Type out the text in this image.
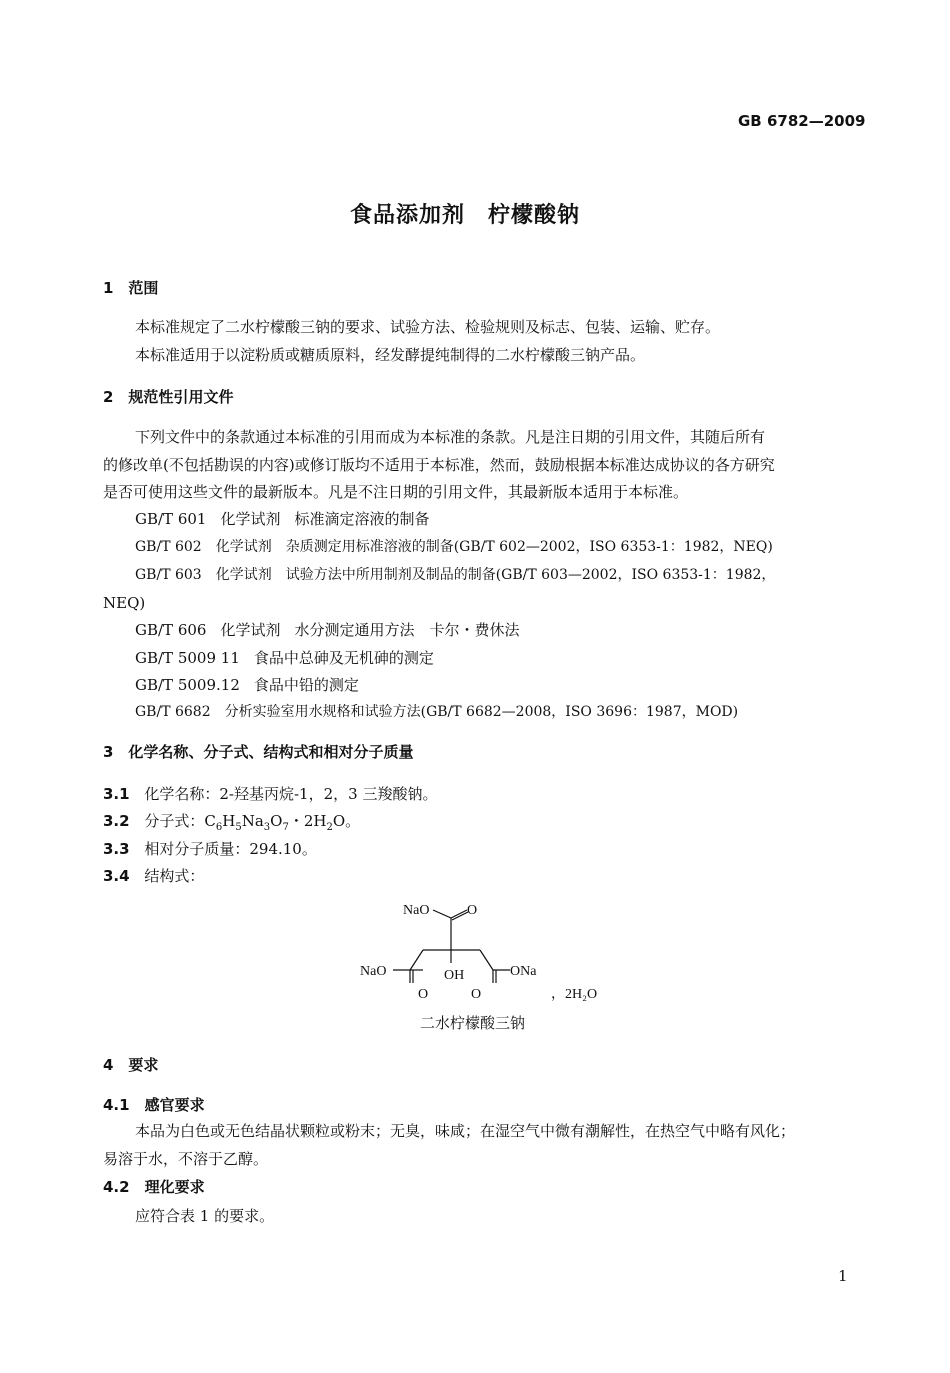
GB 6782—2009
食品添加剂　柠檬酸钠
1　范围
本标准规定了二水柠檬酸三钠的要求、试验方法、检验规则及标志、包装、运输、贮存。
本标准适用于以淀粉质或糖质原料，经发酵提纯制得的二水柠檬酸三钠产品。
2　规范性引用文件
下列文件中的条款通过本标准的引用而成为本标准的条款。凡是注日期的引用文件，其随后所有
的修改单(不包括勘误的内容)或修订版均不适用于本标准，然而，鼓励根据本标准达成协议的各方研究
是否可使用这些文件的最新版本。凡是不注日期的引用文件，其最新版本适用于本标准。
GB/T 601 化学试剂 标准滴定溶液的制备
GB/T 602 化学试剂 杂质测定用标准溶液的制备(GB/T 602—2002，ISO 6353-1：1982，NEQ)
GB/T 603 化学试剂 试验方法中所用制剂及制品的制备(GB/T 603—2002，ISO 6353-1：1982，
NEQ)
GB/T 606 化学试剂 水分测定通用方法　卡尔・费休法
GB/T 5009 11 食品中总砷及无机砷的测定
GB/T 5009.12 食品中铅的测定
GB/T 6682 分析实验室用水规格和试验方法(GB/T 6682—2008，ISO 3696：1987，MOD)
3　化学名称、分子式、结构式和相对分子质量
3.1 化学名称：2-羟基丙烷-1，2，3 三羧酸钠。
3.2 分子式：$C_6H_5Na_3O_7$・$2H_2O$。
3.3 相对分子质量：294.10。
3.4 结构式：
NaO	O
NaO	OH	ONa
O	O	，2H₂O
二水柠檬酸三钠
4　要求
4.1　感官要求
本品为白色或无色结晶状颗粒或粉末；无臭，味咸；在湿空气中微有潮解性，在热空气中略有风化；
易溶于水，不溶于乙醇。
4.2　理化要求
应符合表 1 的要求。
1
